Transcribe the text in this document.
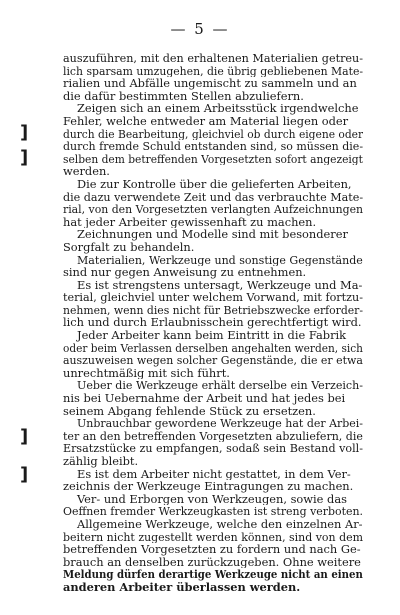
— 5 —
]
]
]
]
auszuführen, mit den erhaltenen Materialien getreu-
lich sparsam umzugehen, die übrig gebliebenen Mate-
rialien und Abfälle ungemischt zu sammeln und an
die dafür bestimmten Stellen abzuliefern.
Zeigen sich an einem Arbeitsstück irgendwelche
Fehler, welche entweder am Material liegen oder
durch die Bearbeitung, gleichviel ob durch eigene oder
durch fremde Schuld entstanden sind, so müssen die-
selben dem betreffenden Vorgesetzten sofort angezeigt
werden.
Die zur Kontrolle über die gelieferten Arbeiten,
die dazu verwendete Zeit und das verbrauchte Mate-
rial, von den Vorgesetzten verlangten Aufzeichnungen
hat jeder Arbeiter gewissenhaft zu machen.
Zeichnungen und Modelle sind mit besonderer
Sorgfalt zu behandeln.
Materialien, Werkzeuge und sonstige Gegenstände
sind nur gegen Anweisung zu entnehmen.
Es ist strengstens untersagt, Werkzeuge und Ma-
terial, gleichviel unter welchem Vorwand, mit fortzu-
nehmen, wenn dies nicht für Betriebszwecke erforder-
lich und durch Erlaubnisschein gerechtfertigt wird.
Jeder Arbeiter kann beim Eintritt in die Fabrik
oder beim Verlassen derselben angehalten werden, sich
auszuweisen wegen solcher Gegenstände, die er etwa
unrechtmäßig mit sich führt.
Ueber die Werkzeuge erhält derselbe ein Verzeich-
nis bei Uebernahme der Arbeit und hat jedes bei
seinem Abgang fehlende Stück zu ersetzen.
Unbrauchbar gewordene Werkzeuge hat der Arbei-
ter an den betreffenden Vorgesetzten abzuliefern, die
Ersatzstücke zu empfangen, sodaß sein Bestand voll-
zählig bleibt.
Es ist dem Arbeiter nicht gestattet, in dem Ver-
zeichnis der Werkzeuge Eintragungen zu machen.
Ver- und Erborgen von Werkzeugen, sowie das
Oeffnen fremder Werkzeugkasten ist streng verboten.
Allgemeine Werkzeuge, welche den einzelnen Ar-
beitern nicht zugestellt werden können, sind von dem
betreffenden Vorgesetzten zu fordern und nach Ge-
brauch an denselben zurückzugeben. Ohne weitere
Meldung dürfen derartige Werkzeuge nicht an einen
anderen Arbeiter überlassen werden.
